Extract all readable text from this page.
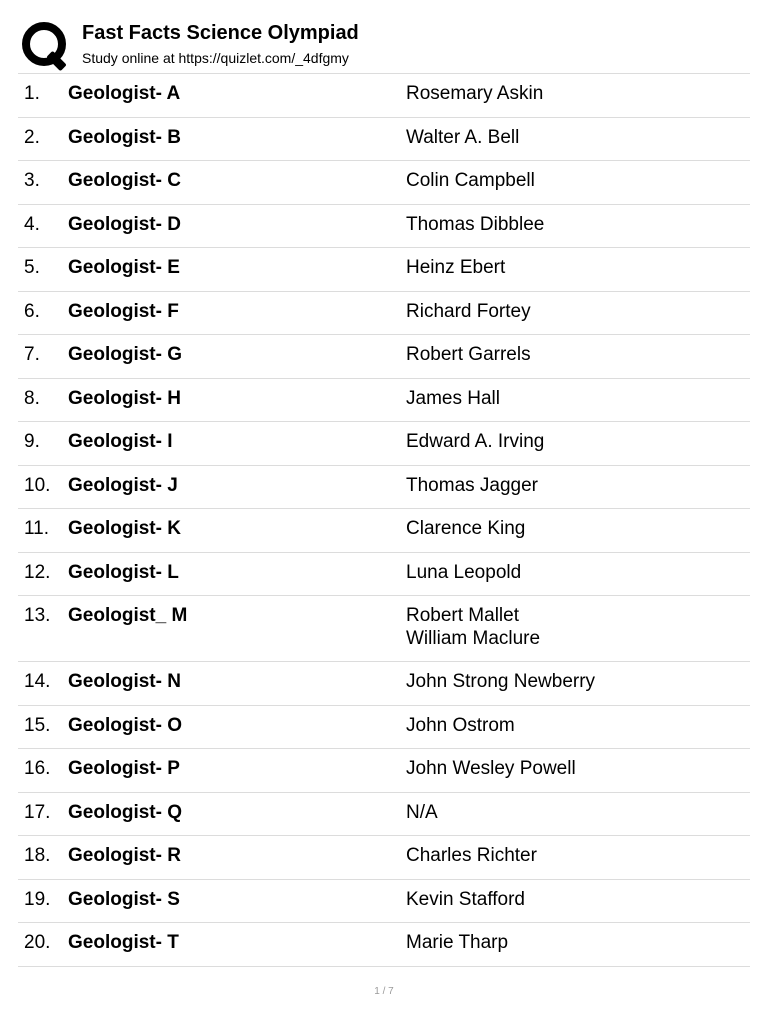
Fast Facts Science Olympiad
Study online at https://quizlet.com/_4dfgmy
1. Geologist- A	Rosemary Askin
2. Geologist- B	Walter A. Bell
3. Geologist- C	Colin Campbell
4. Geologist- D	Thomas Dibblee
5. Geologist- E	Heinz Ebert
6. Geologist- F	Richard Fortey
7. Geologist- G	Robert Garrels
8. Geologist- H	James Hall
9. Geologist- I	Edward A. Irving
10. Geologist- J	Thomas Jagger
11. Geologist- K	Clarence King
12. Geologist- L	Luna Leopold
13. Geologist_ M	Robert Mallet
William Maclure
14. Geologist- N	John Strong Newberry
15. Geologist- O	John Ostrom
16. Geologist- P	John Wesley Powell
17. Geologist- Q	N/A
18. Geologist- R	Charles Richter
19. Geologist- S	Kevin Stafford
20. Geologist- T	Marie Tharp
1 / 7
